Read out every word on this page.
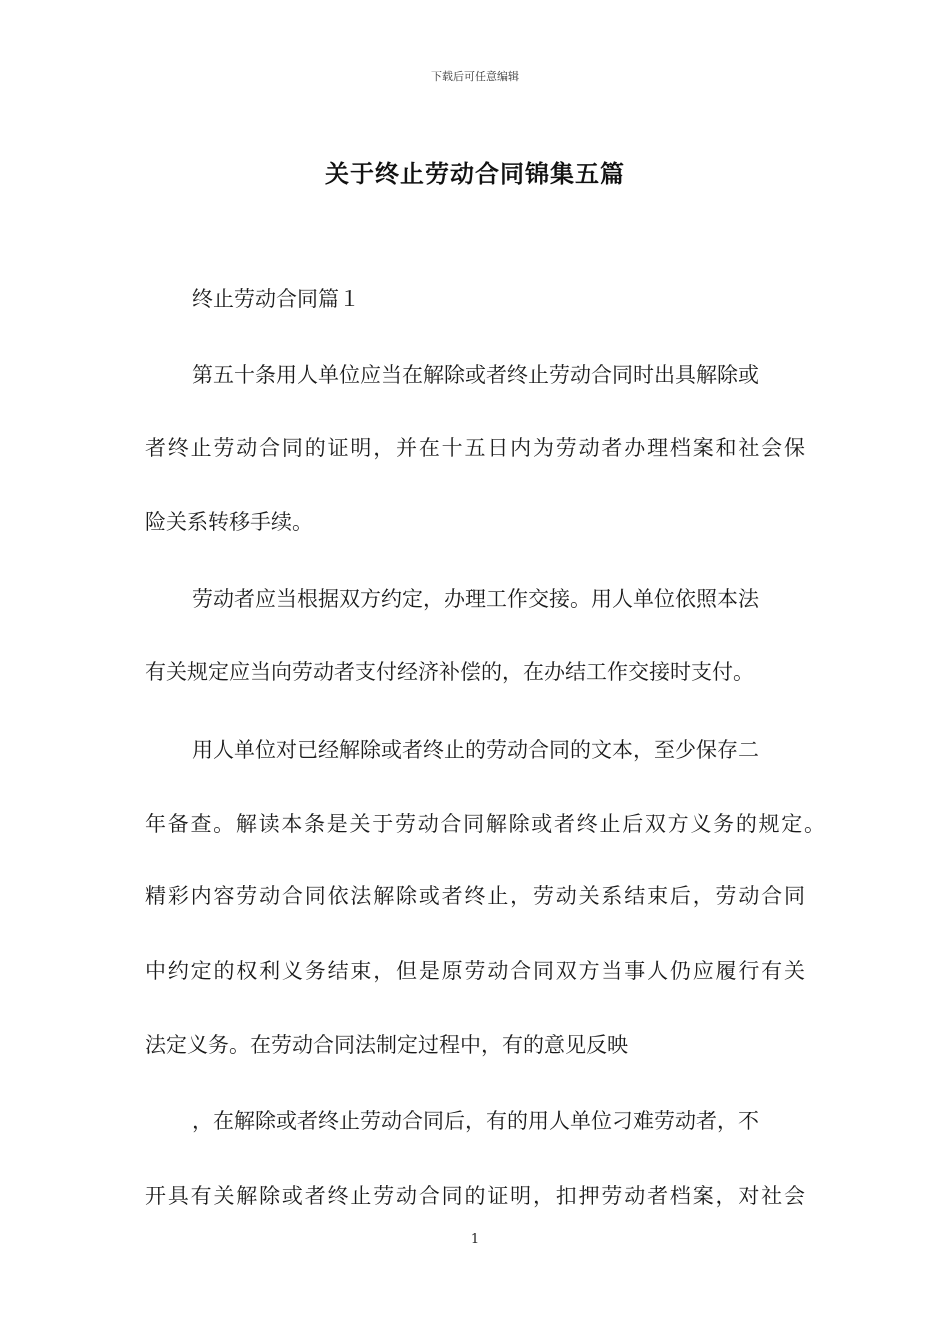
下载后可任意编辑
关于终止劳动合同锦集五篇
终止劳动合同篇１
第五十条用人单位应当在解除或者终止劳动合同时出具解除或
者终止劳动合同的证明，并在十五日内为劳动者办理档案和社会保
险关系转移手续。
劳动者应当根据双方约定，办理工作交接。用人单位依照本法
有关规定应当向劳动者支付经济补偿的，在办结工作交接时支付。
用人单位对已经解除或者终止的劳动合同的文本，至少保存二
年备查。解读本条是关于劳动合同解除或者终止后双方义务的规定。
精彩内容劳动合同依法解除或者终止，劳动关系结束后，劳动合同
中约定的权利义务结束，但是原劳动合同双方当事人仍应履行有关
法定义务。在劳动合同法制定过程中，有的意见反映
，在解除或者终止劳动合同后，有的用人单位刁难劳动者，不
开具有关解除或者终止劳动合同的证明，扣押劳动者档案，对社会
1
